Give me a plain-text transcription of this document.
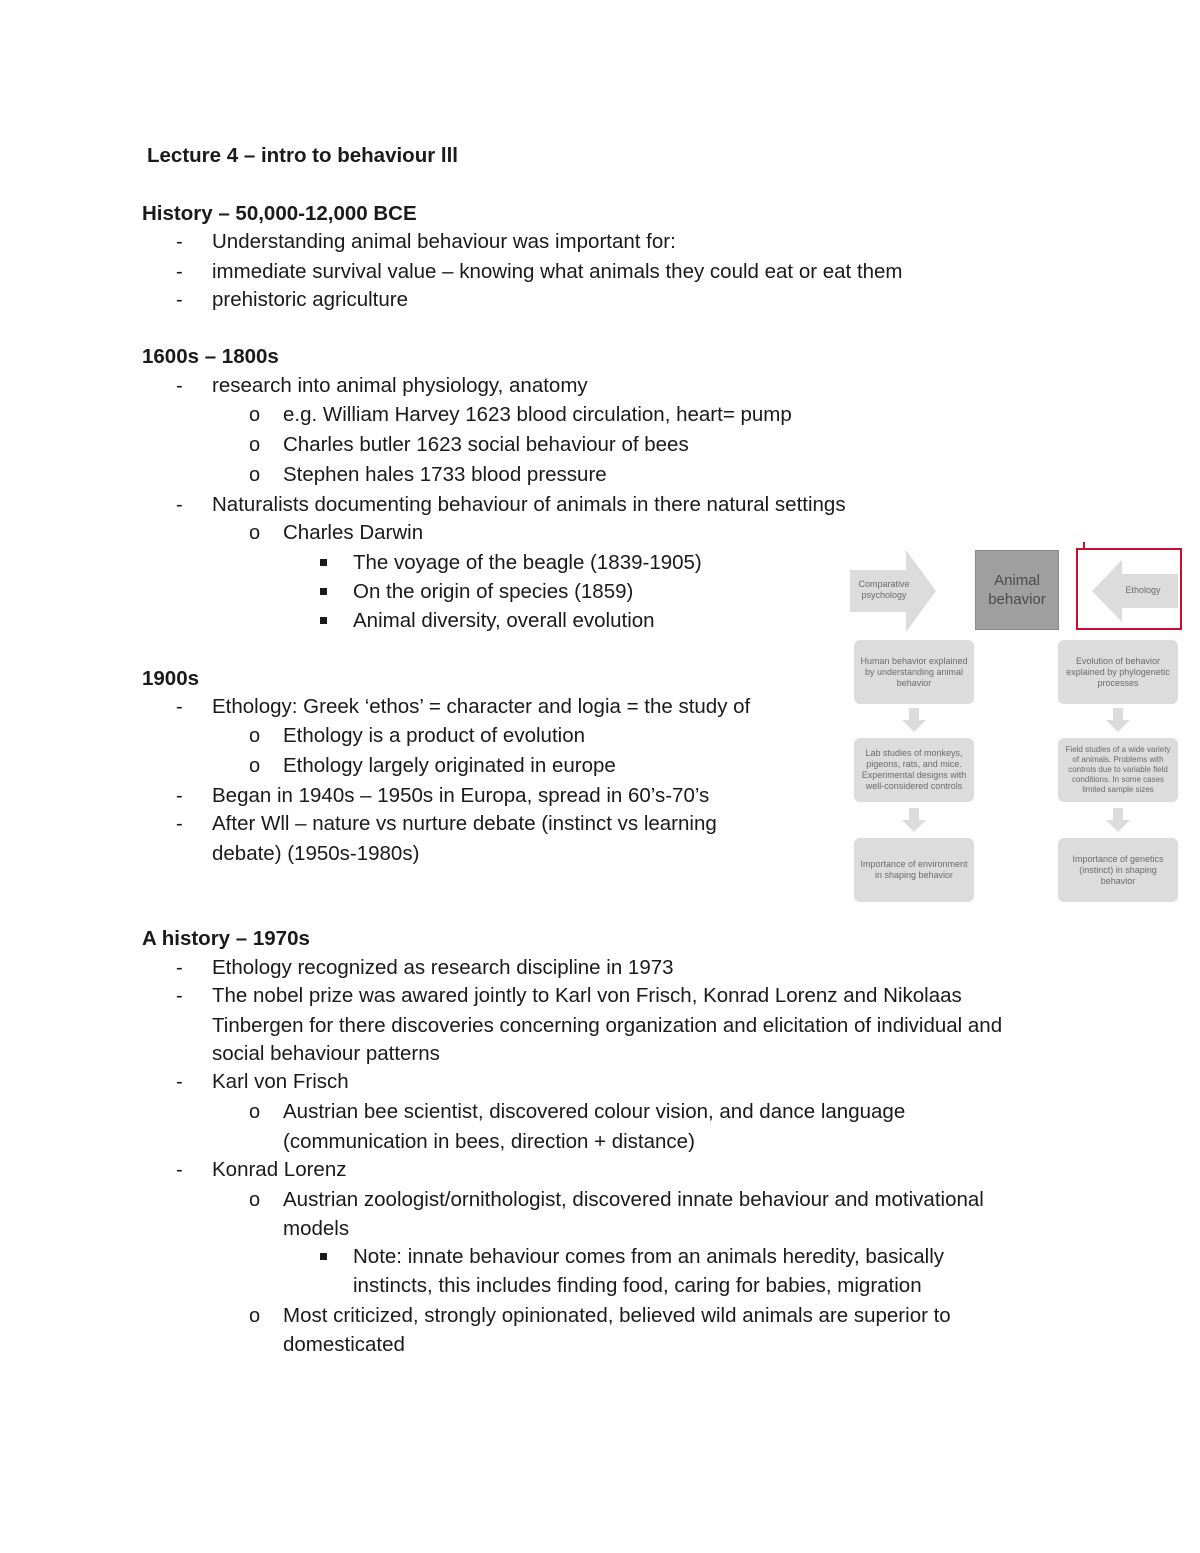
Lecture 4 – intro to behaviour lll
History – 50,000-12,000 BCE
- Understanding animal behaviour was important for:
- immediate survival value – knowing what animals they could eat or eat them
- prehistoric agriculture
1600s – 1800s
- research into animal physiology, anatomy
o e.g. William Harvey 1623 blood circulation, heart= pump
o Charles butler 1623 social behaviour of bees
o Stephen hales 1733 blood pressure
- Naturalists documenting behaviour of animals in there natural settings
o Charles Darwin
The voyage of the beagle (1839-1905)
On the origin of species (1859)
Animal diversity, overall evolution
1900s
- Ethology: Greek ‘ethos’ = character and logia = the study of
o Ethology is a product of evolution
o Ethology largely originated in europe
- Began in 1940s – 1950s in Europa, spread in 60’s-70’s
- After Wll – nature vs nurture debate (instinct vs learning
debate) (1950s-1980s)
A history – 1970s
- Ethology recognized as research discipline in 1973
- The nobel prize was awared jointly to Karl von Frisch, Konrad Lorenz and Nikolaas
Tinbergen for there discoveries concerning organization and elicitation of individual and
social behaviour patterns
- Karl von Frisch
o Austrian bee scientist, discovered colour vision, and dance language
(communication in bees, direction + distance)
- Konrad Lorenz
o Austrian zoologist/ornithologist, discovered innate behaviour and motivational
models
Note: innate behaviour comes from an animals heredity, basically
instincts, this includes finding food, caring for babies, migration
o Most criticized, strongly opinionated, believed wild animals are superior to
domesticated
Comparative psychology
Animal behavior
Ethology
Human behavior explained by understanding animal behavior
Lab studies of monkeys, pigeons, rats, and mice. Experimental designs with well-considered controls
Importance of environment in shaping behavior
Evolution of behavior explained by phylogenetic processes
Field studies of a wide variety of animals. Problems with controls due to variable field conditions. In some cases limited sample sizes
Importance of genetics (instinct) in shaping behavior
